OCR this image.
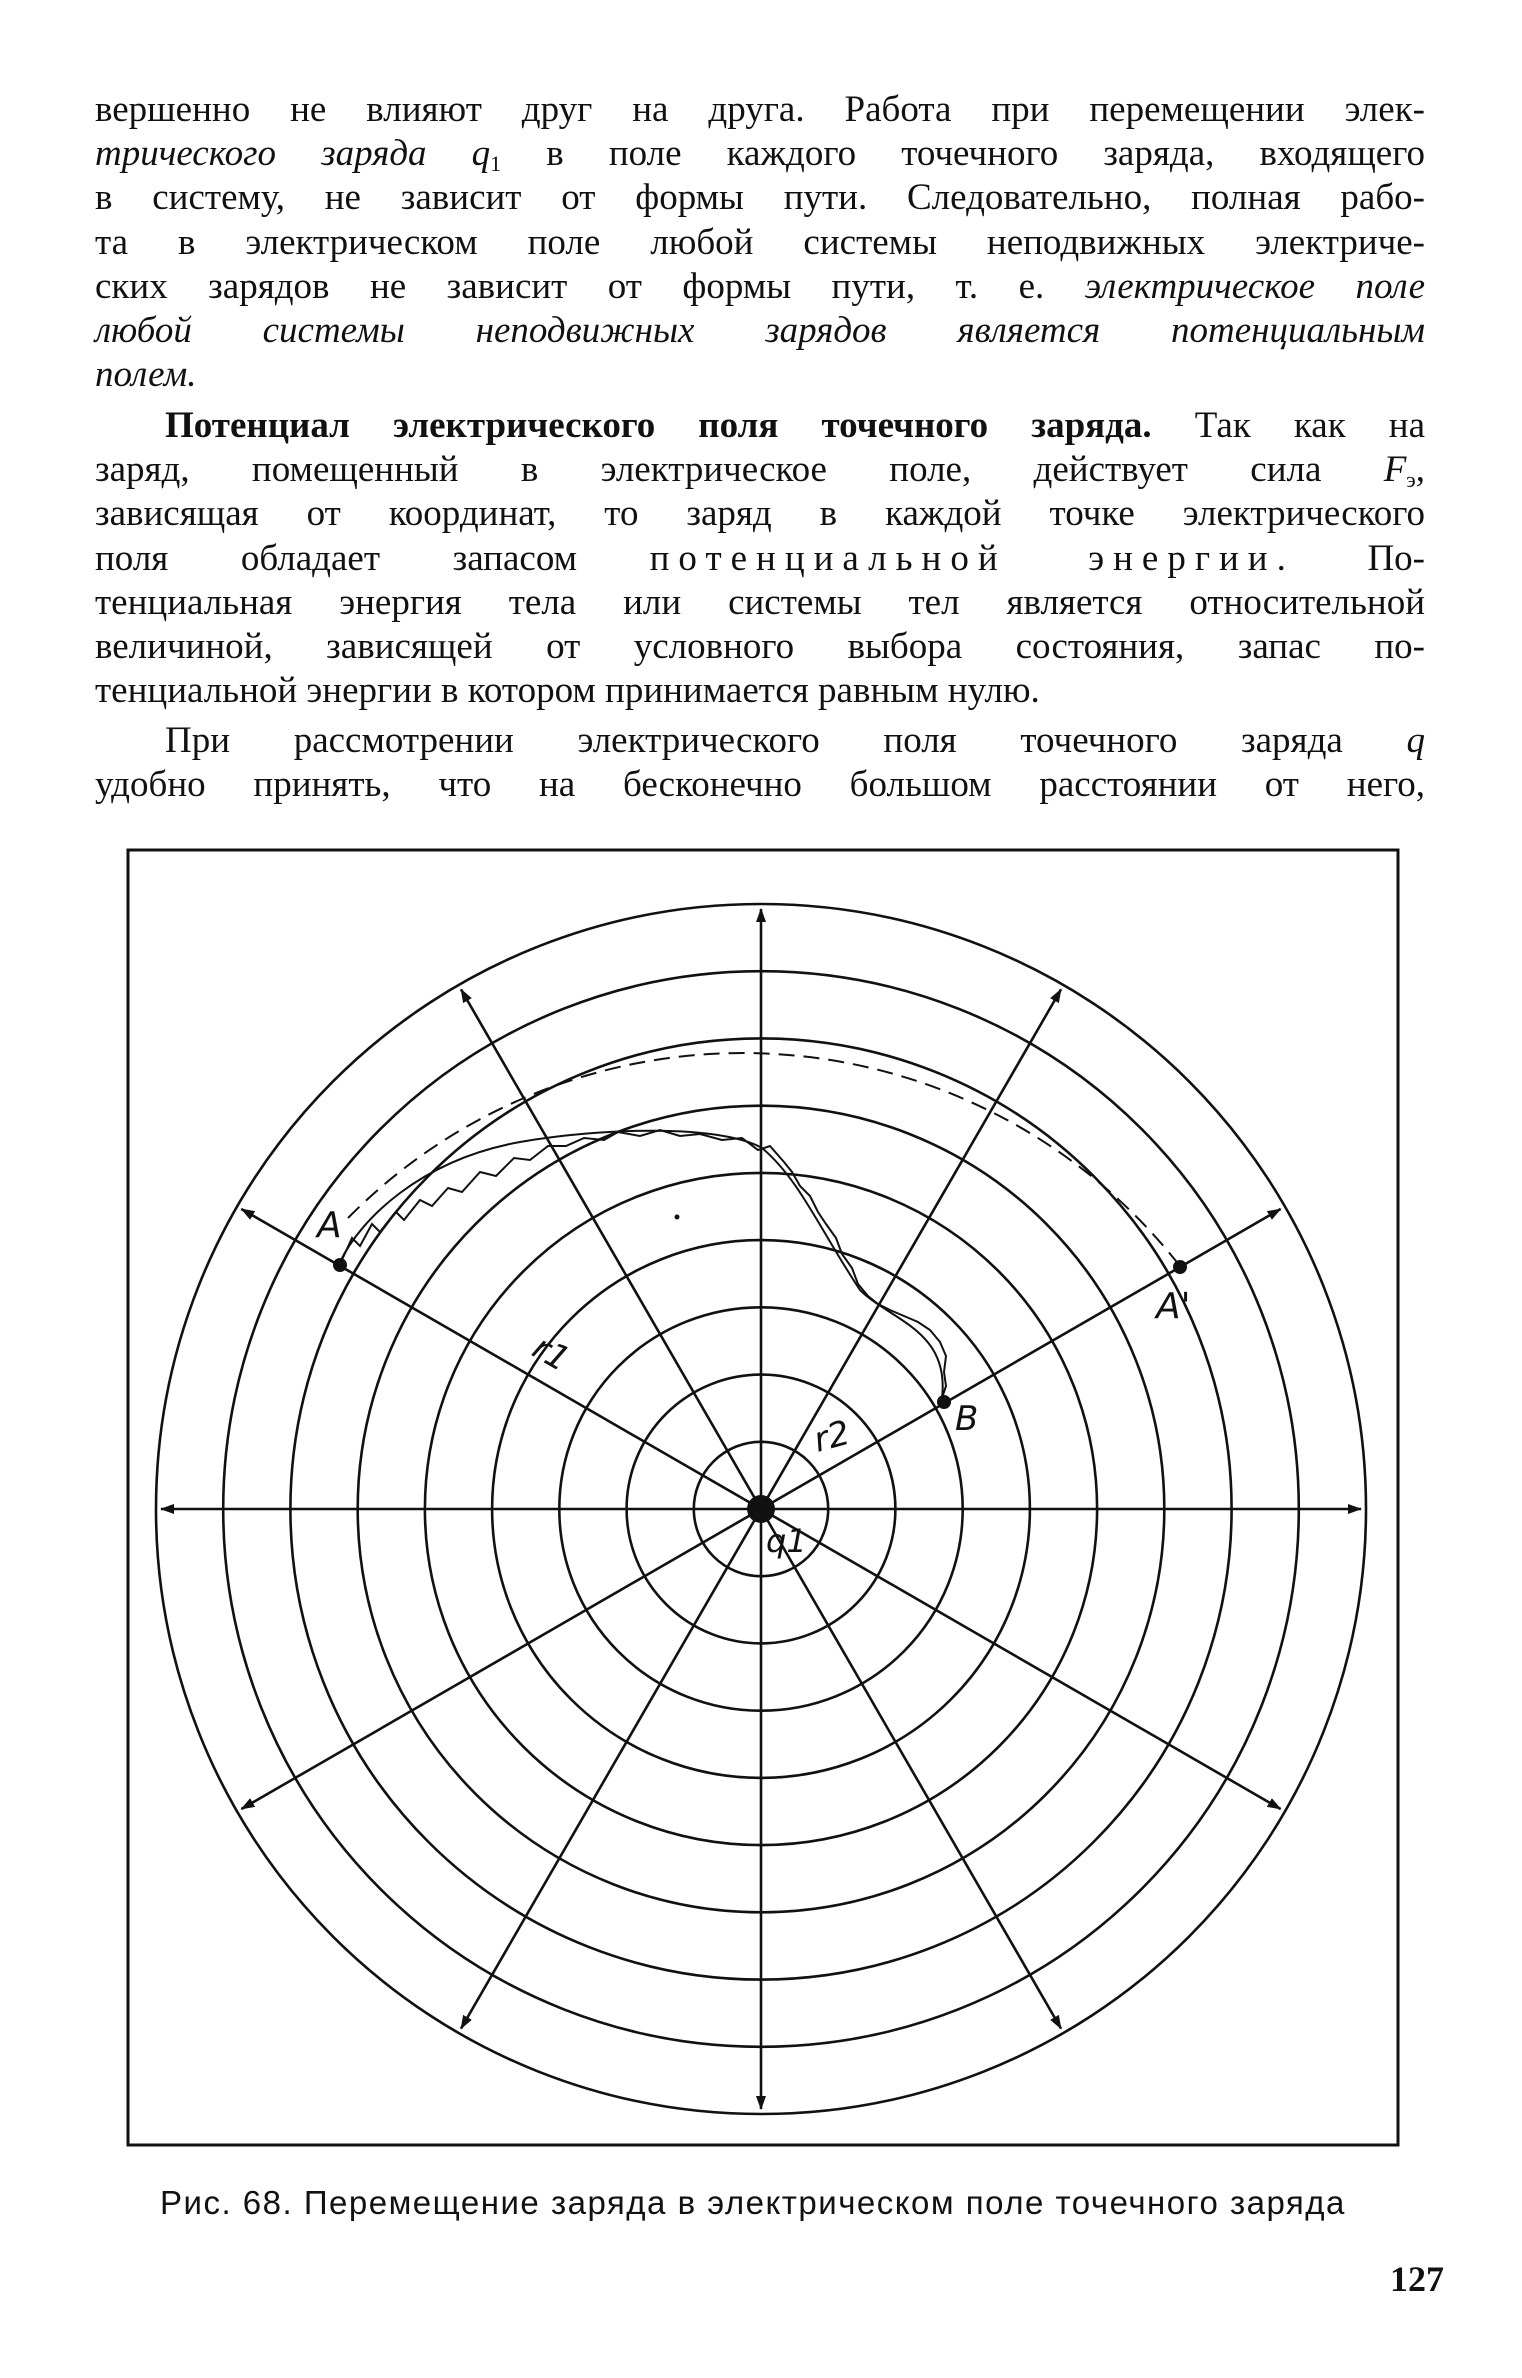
вершенно не влияют друг на друга. Работа при перемещении элек-
трического заряда $q_1$ в поле каждого точечного заряда, входящего
в систему, не зависит от формы пути. Следовательно, полная рабо-
та в электрическом поле любой системы неподвижных электриче-
ских зарядов не зависит от формы пути, т. е. электрическое поле
любой системы неподвижных зарядов является потенциальным
полем.

Потенциал электрического поля точечного заряда. Так как на
заряд, помещенный в электрическое поле, действует сила $F_э$,
зависящая от координат, то заряд в каждой точке электрического
поля обладает запасом потенциальной энергии. По-
тенциальная энергия тела или системы тел является относительной
величиной, зависящей от условного выбора состояния, запас по-
тенциальной энергии в котором принимается равным нулю.

При рассмотрении электрического поля точечного заряда q
удобно принять, что на бесконечно большом расстоянии от него,

A
A'
B
r1
r2
q1
Рис. 68. Перемещение заряда в электрическом поле точечного заряда
127
